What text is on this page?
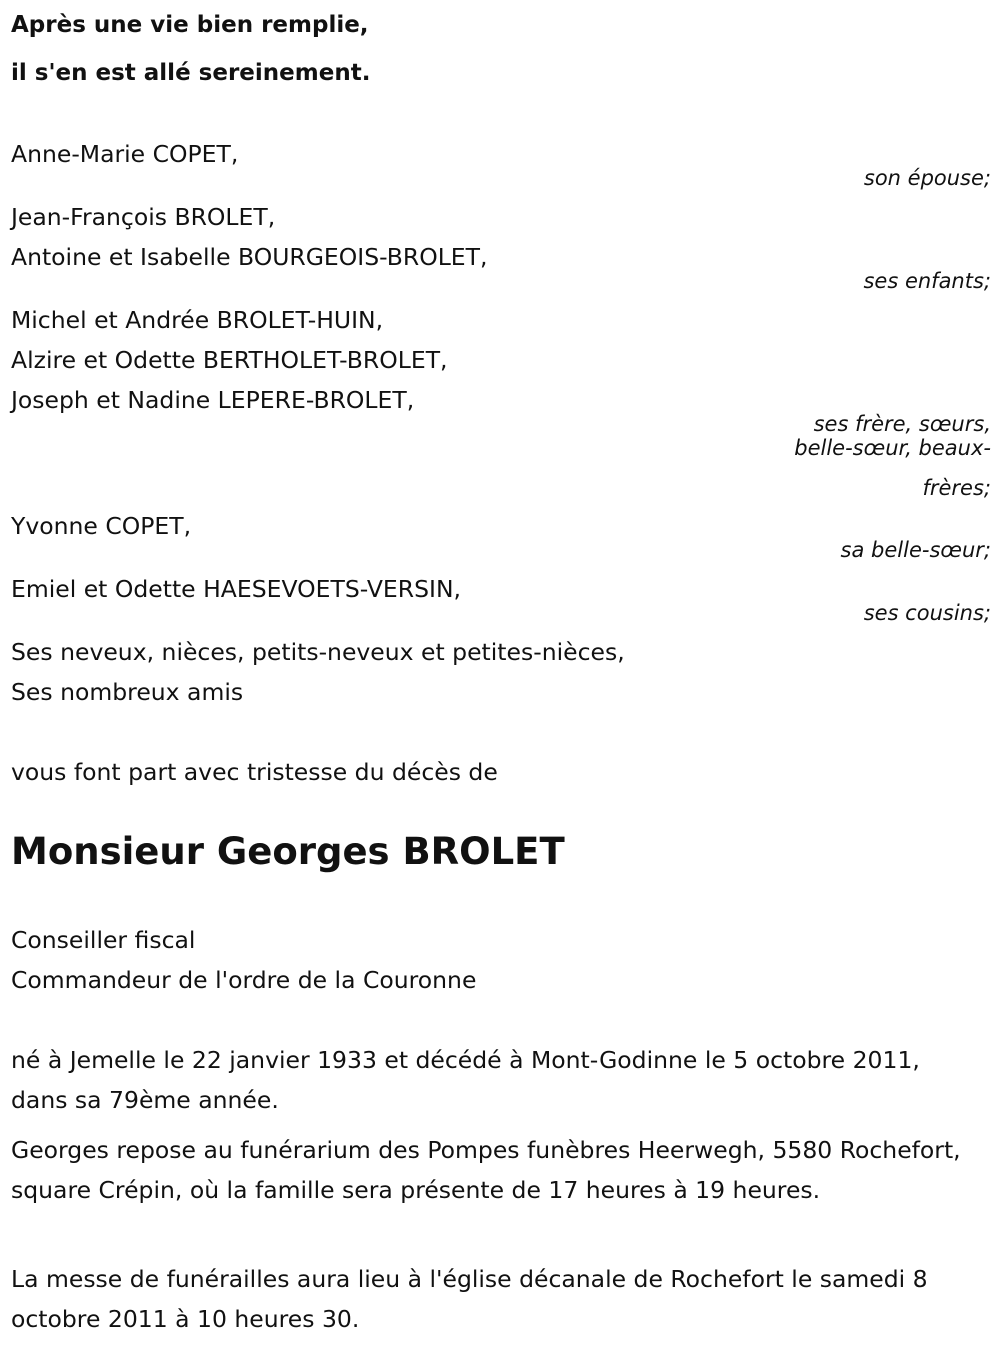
Après une vie bien remplie,
il s'en est allé sereinement.
Anne-Marie COPET,
son épouse;
Jean-François BROLET,
Antoine et Isabelle BOURGEOIS-BROLET,
ses enfants;
Michel et Andrée BROLET-HUIN,
Alzire et Odette BERTHOLET-BROLET,
Joseph et Nadine LEPERE-BROLET,
ses frère, sœurs,
belle-sœur, beaux-
frères;
Yvonne COPET,
sa belle-sœur;
Emiel et Odette HAESEVOETS-VERSIN,
ses cousins;
Ses neveux, nièces, petits-neveux et petites-nièces,
Ses nombreux amis
vous font part avec tristesse du décès de
Monsieur Georges BROLET
Conseiller fiscal
Commandeur de l'ordre de la Couronne
né à Jemelle le 22 janvier 1933 et décédé à Mont-Godinne le 5 octobre 2011, dans sa 79ème année.
Georges repose au funérarium des Pompes funèbres Heerwegh, 5580 Rochefort, square Crépin, où la famille sera présente de 17 heures à 19 heures.
La messe de funérailles aura lieu à l'église décanale de Rochefort le samedi 8 octobre 2011 à 10 heures 30.
